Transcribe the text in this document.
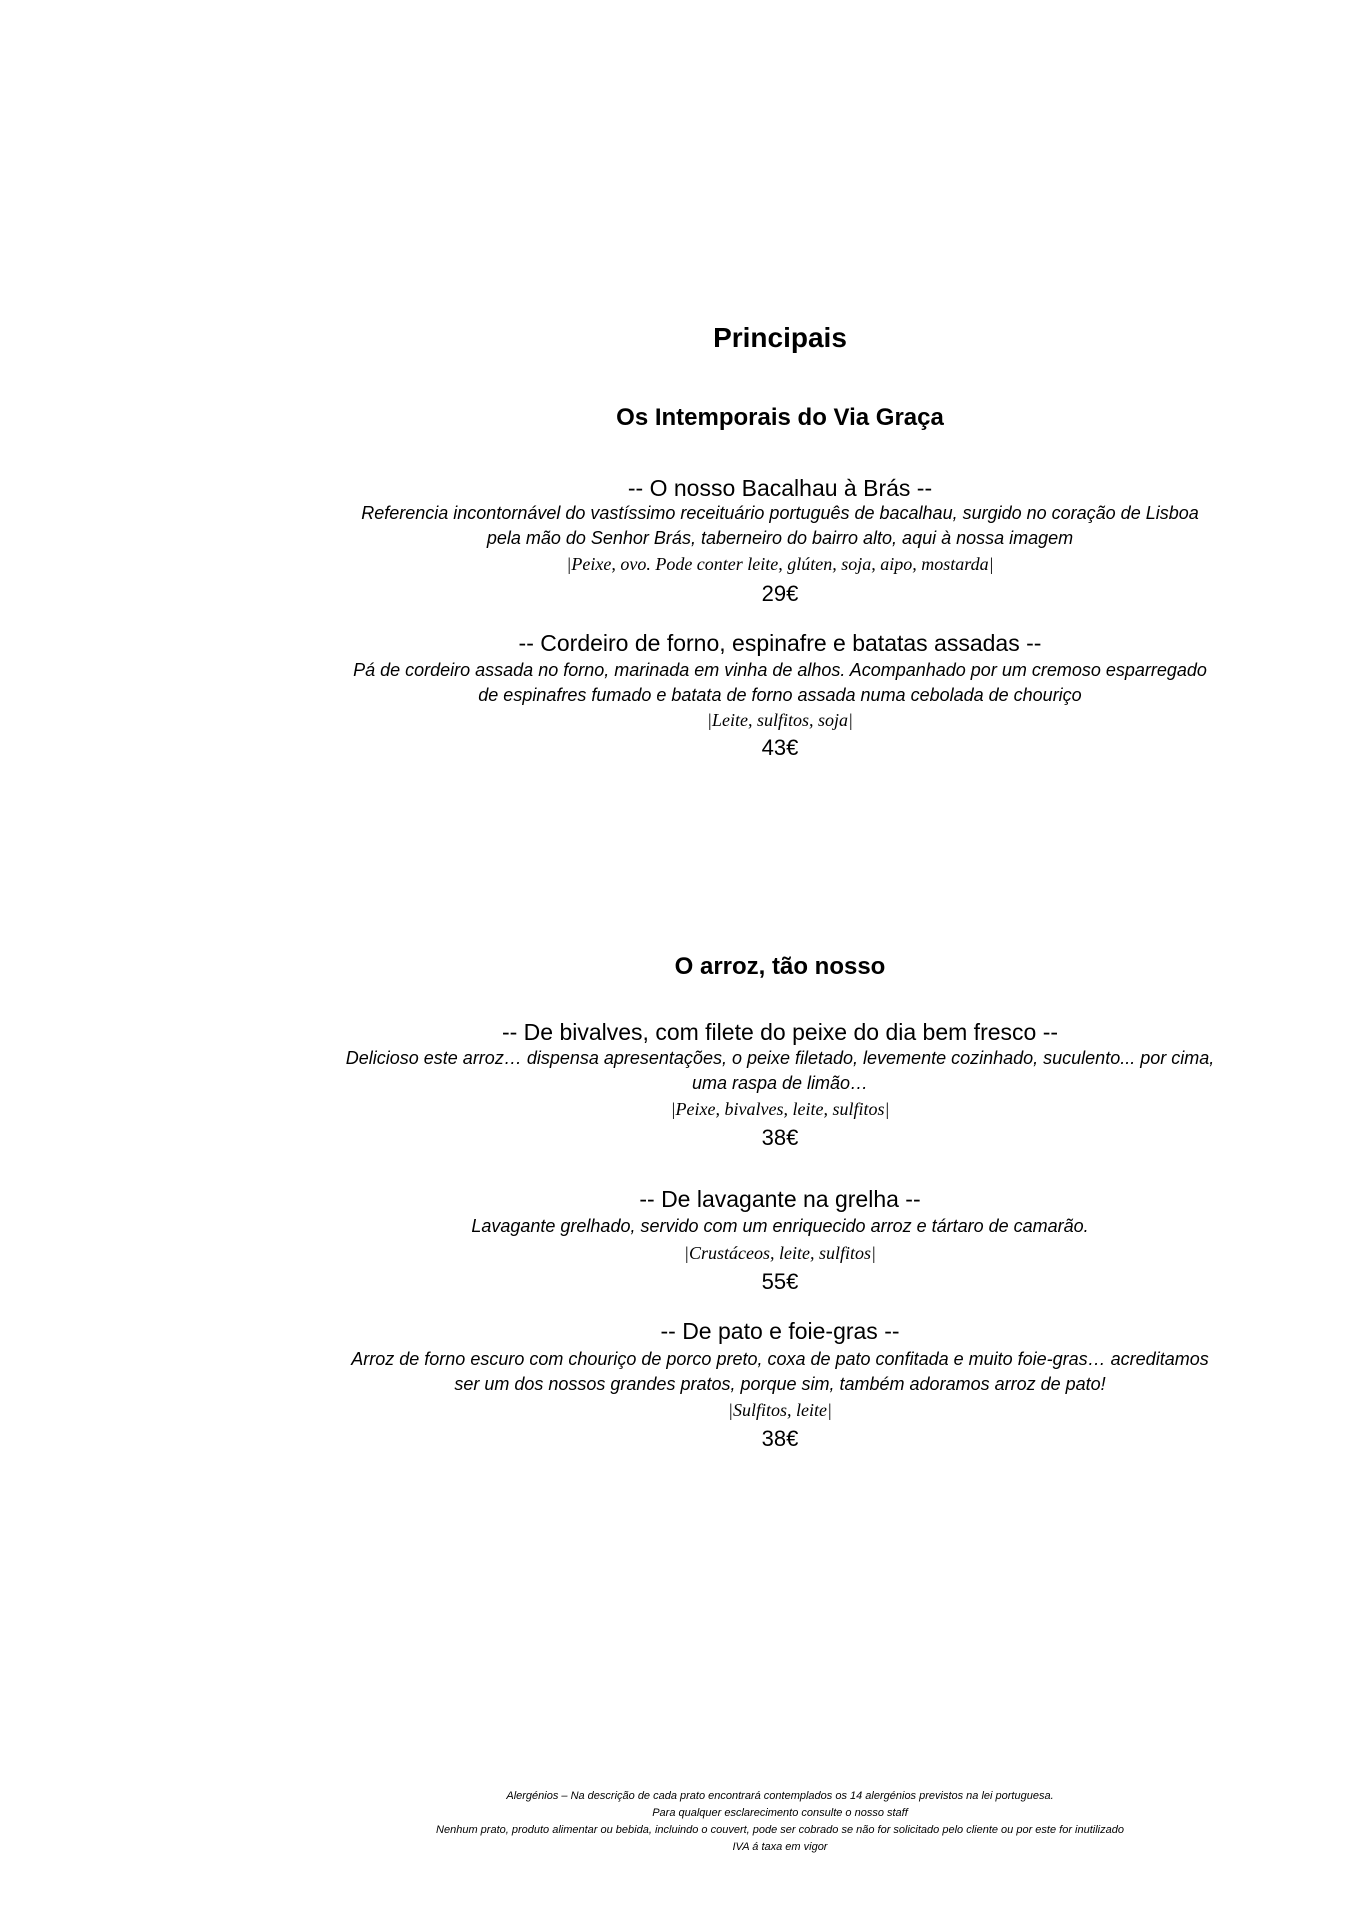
Principais
Os Intemporais do Via Graça
-- O nosso Bacalhau à Brás --
Referencia incontornável do vastíssimo receituário português de bacalhau, surgido no coração de Lisboa
pela mão do Senhor Brás, taberneiro do bairro alto, aqui à nossa imagem
|Peixe, ovo. Pode conter leite, glúten, soja, aipo, mostarda|
29€
-- Cordeiro de forno, espinafre e batatas assadas --
Pá de cordeiro assada no forno, marinada em vinha de alhos. Acompanhado por um cremoso esparregado
de espinafres fumado e batata de forno assada numa cebolada de chouriço
|Leite, sulfitos, soja|
43€
O arroz, tão nosso
-- De bivalves, com filete do peixe do dia bem fresco --
Delicioso este arroz… dispensa apresentações, o peixe filetado, levemente cozinhado, suculento... por cima,
uma raspa de limão…
|Peixe, bivalves, leite, sulfitos|
38€
-- De lavagante na grelha --
Lavagante grelhado, servido com um enriquecido arroz e tártaro de camarão.
|Crustáceos, leite, sulfitos|
55€
-- De pato e foie-gras --
Arroz de forno escuro com chouriço de porco preto, coxa de pato confitada e muito foie-gras… acreditamos
ser um dos nossos grandes pratos, porque sim, também adoramos arroz de pato!
|Sulfitos, leite|
38€
Alergénios – Na descrição de cada prato encontrará contemplados os 14 alergénios previstos na lei portuguesa.
Para qualquer esclarecimento consulte o nosso staff
Nenhum prato, produto alimentar ou bebida, incluindo o couvert, pode ser cobrado se não for solicitado pelo cliente ou por este for inutilizado
IVA á taxa em vigor
